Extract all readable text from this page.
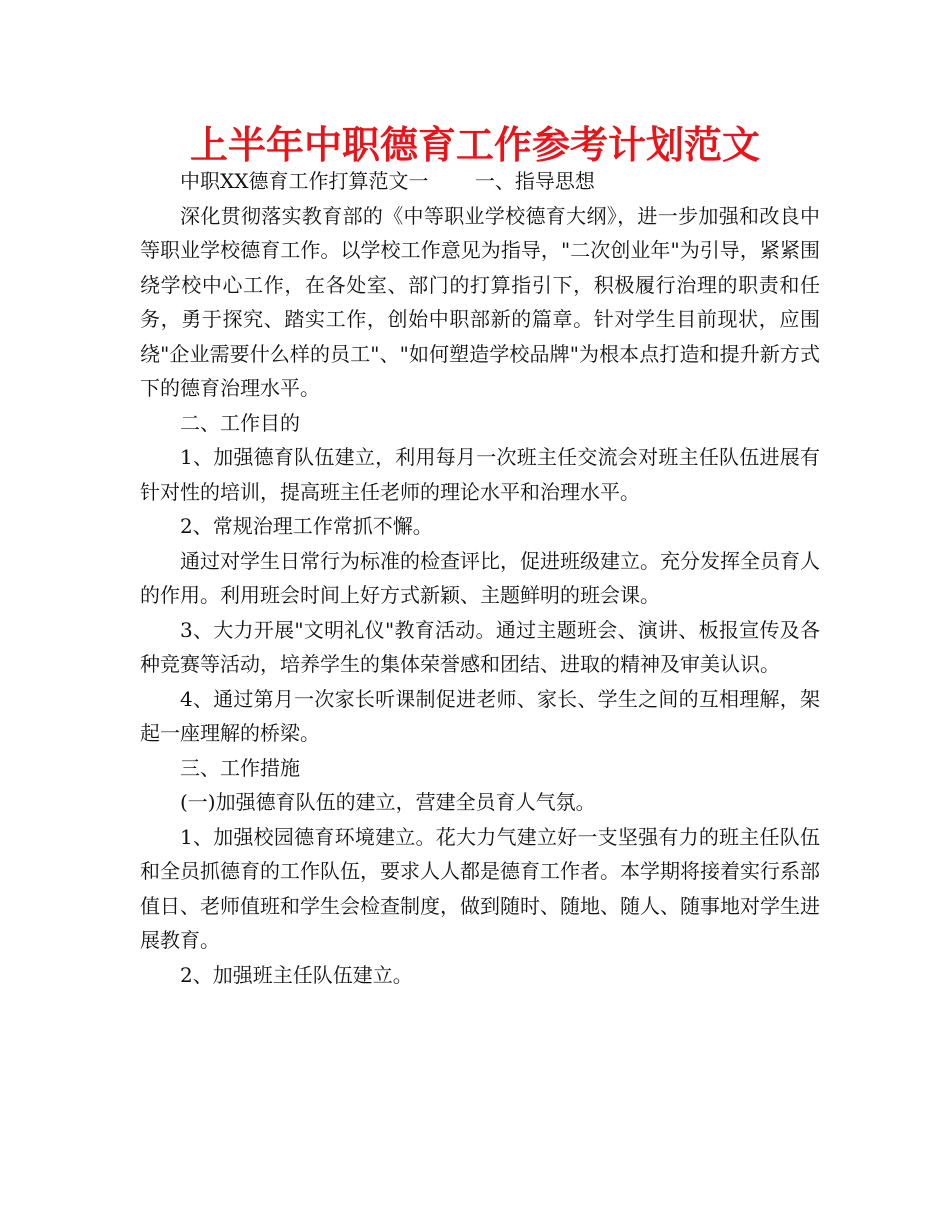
上半年中职德育工作参考计划范文

中职XX德育工作打算范文一　　 一、指导思想

深化贯彻落实教育部的《中等职业学校德育大纲》，进一步加强和改良中等职业学校德育工作。以学校工作意见为指导，"二次创业年"为引导，紧紧围绕学校中心工作，在各处室、部门的打算指引下，积极履行治理的职责和任务，勇于探究、踏实工作，创始中职部新的篇章。针对学生目前现状，应围绕"企业需要什么样的员工"、"如何塑造学校品牌"为根本点打造和提升新方式下的德育治理水平。

二、工作目的

1、加强德育队伍建立，利用每月一次班主任交流会对班主任队伍进展有针对性的培训，提高班主任老师的理论水平和治理水平。

2、常规治理工作常抓不懈。

通过对学生日常行为标准的检查评比，促进班级建立。充分发挥全员育人的作用。利用班会时间上好方式新颖、主题鲜明的班会课。

3、大力开展"文明礼仪"教育活动。通过主题班会、演讲、板报宣传及各种竞赛等活动，培养学生的集体荣誉感和团结、进取的精神及审美认识。

4、通过第月一次家长听课制促进老师、家长、学生之间的互相理解，架起一座理解的桥梁。

三、工作措施

(一)加强德育队伍的建立，营建全员育人气氛。

1、加强校园德育环境建立。花大力气建立好一支坚强有力的班主任队伍和全员抓德育的工作队伍，要求人人都是德育工作者。本学期将接着实行系部值日、老师值班和学生会检查制度，做到随时、随地、随人、随事地对学生进展教育。

2、加强班主任队伍建立。
